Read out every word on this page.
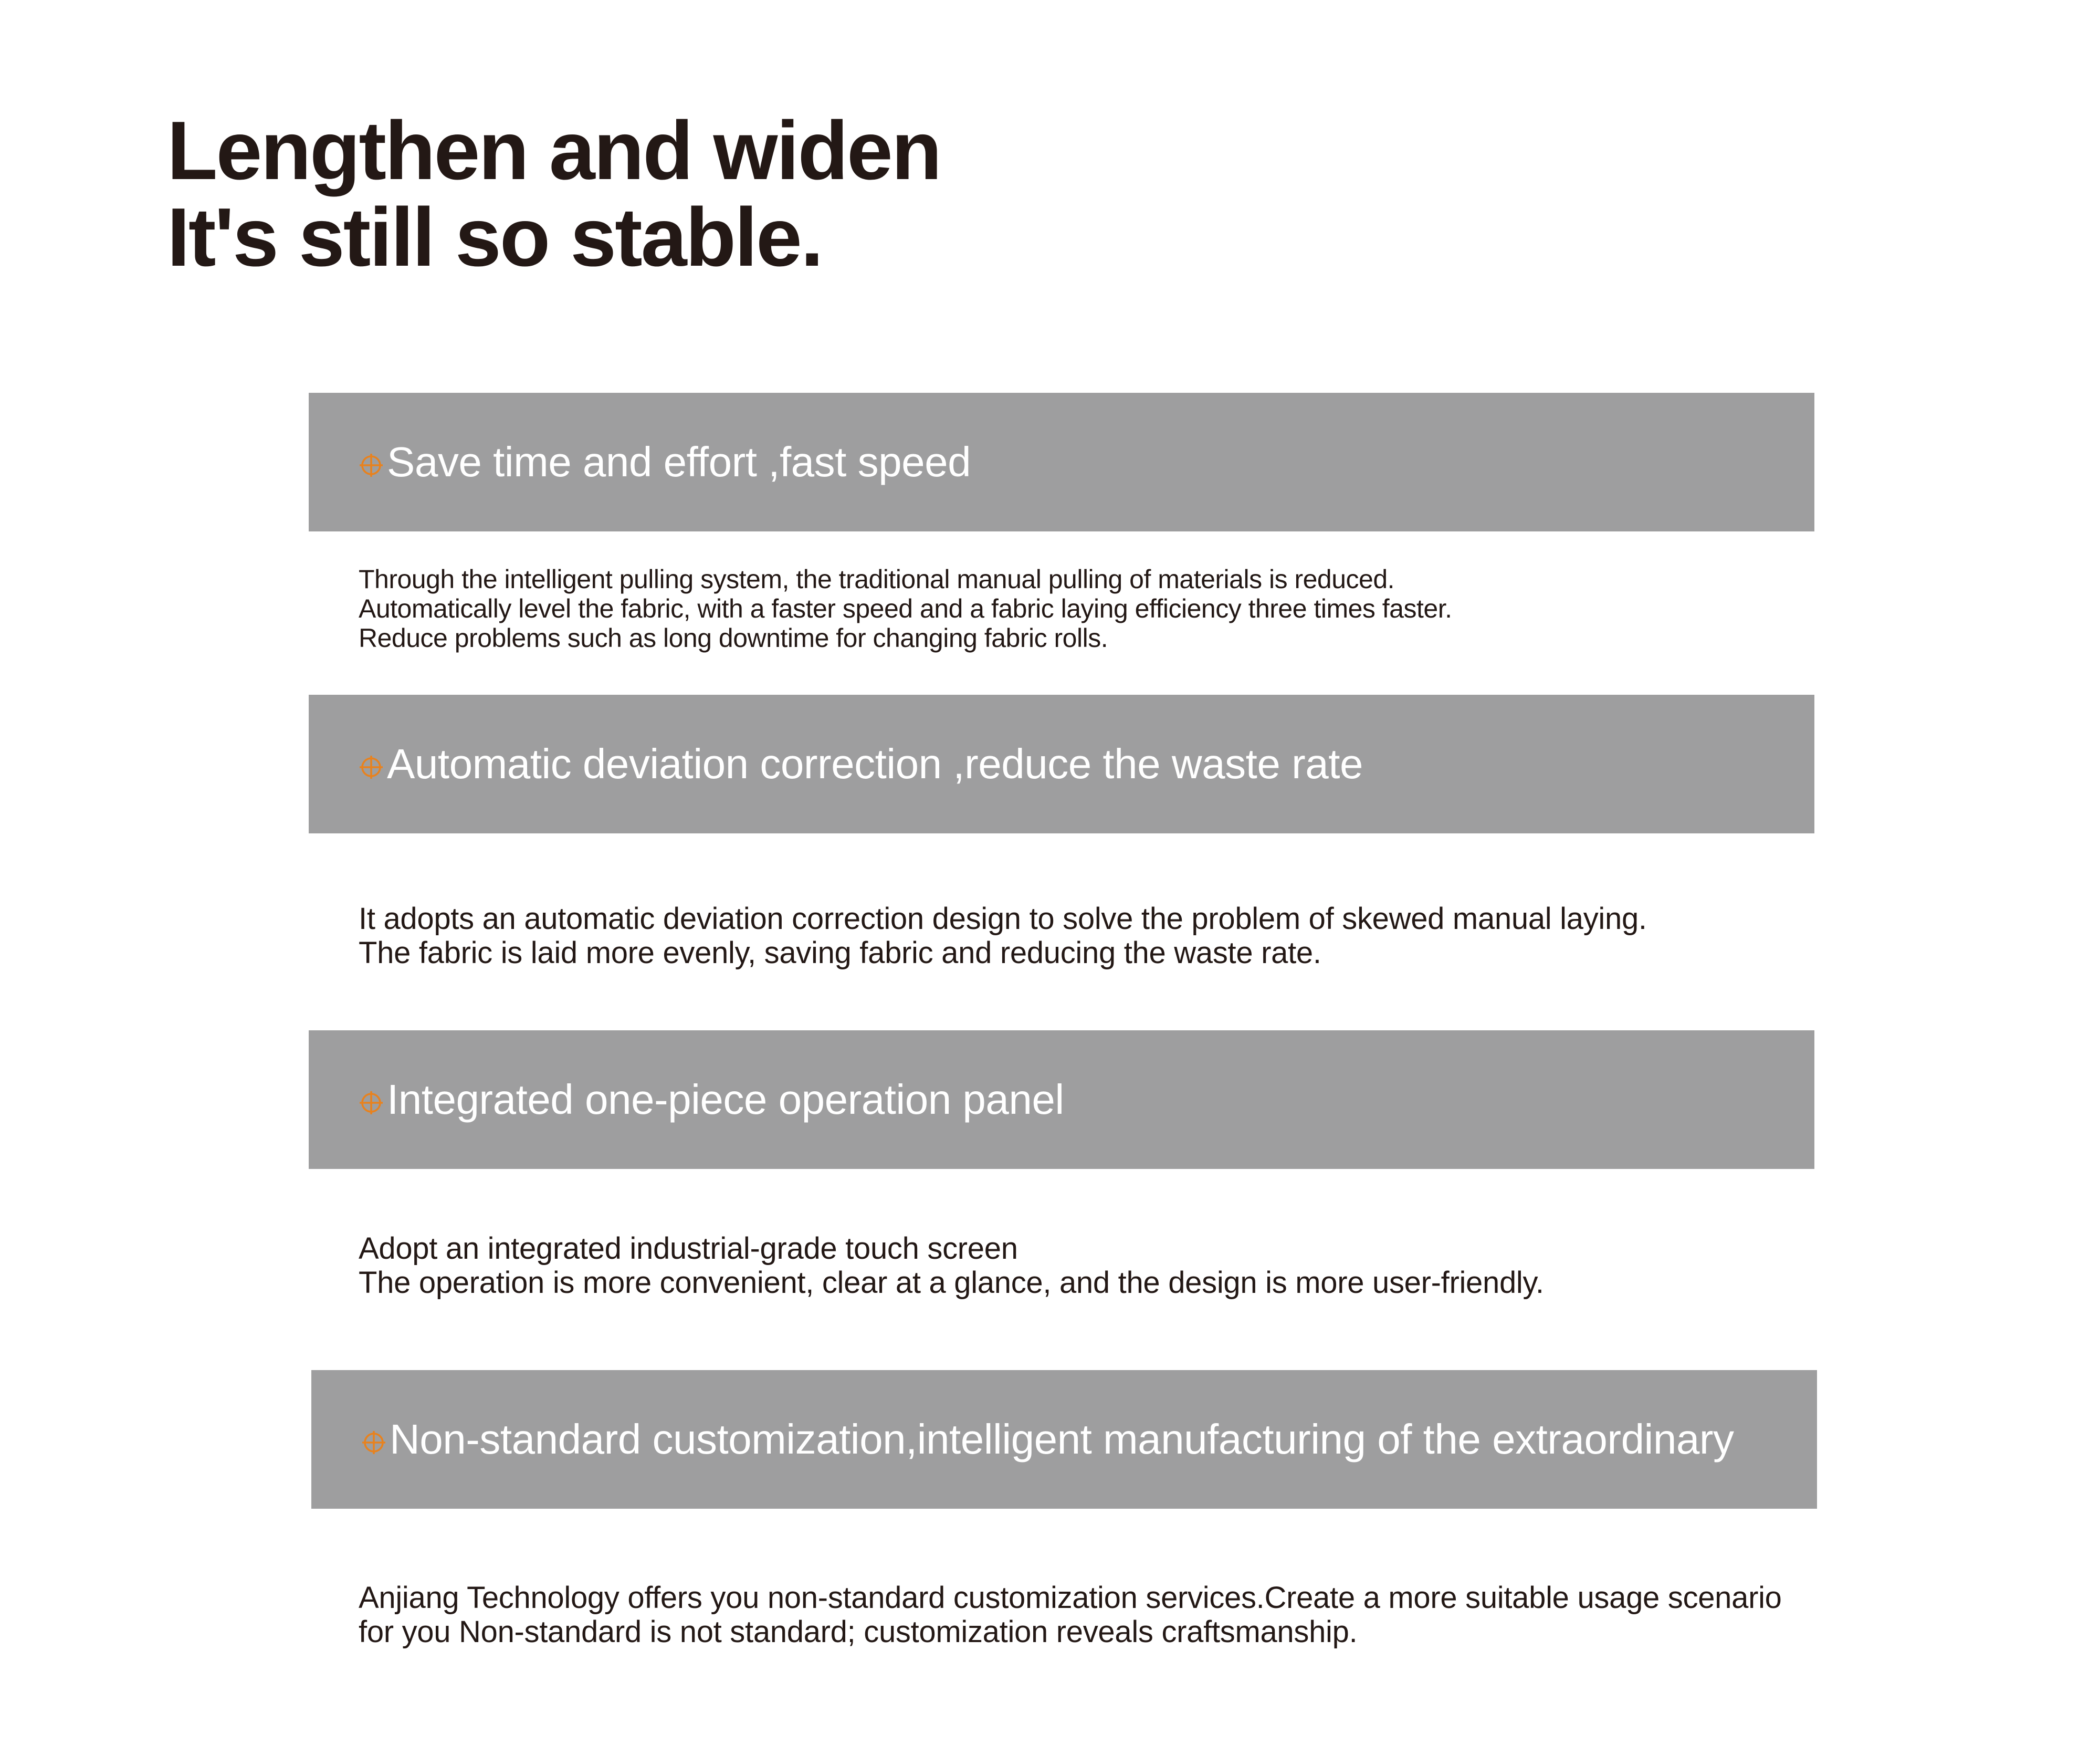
Lengthen and widen
It's still so stable.
Save time and effort ,fast speed

Through the intelligent pulling system, the traditional manual pulling of materials is reduced.
Automatically level the fabric, with a faster speed and a fabric laying efficiency three times faster.
Reduce problems such as long downtime for changing fabric rolls.

Automatic deviation correction ,reduce the waste rate

It adopts an automatic deviation correction design to solve the problem of skewed manual laying.
The fabric is laid more evenly, saving fabric and reducing the waste rate.

Integrated one-piece operation panel

Adopt an integrated industrial-grade touch screen
The operation is more convenient, clear at a glance, and the design is more user-friendly.

Non-standard customization,intelligent manufacturing of the extraordinary

Anjiang Technology offers you non-standard customization services.Create a more suitable usage scenario
for you Non-standard is not standard; customization reveals craftsmanship.
